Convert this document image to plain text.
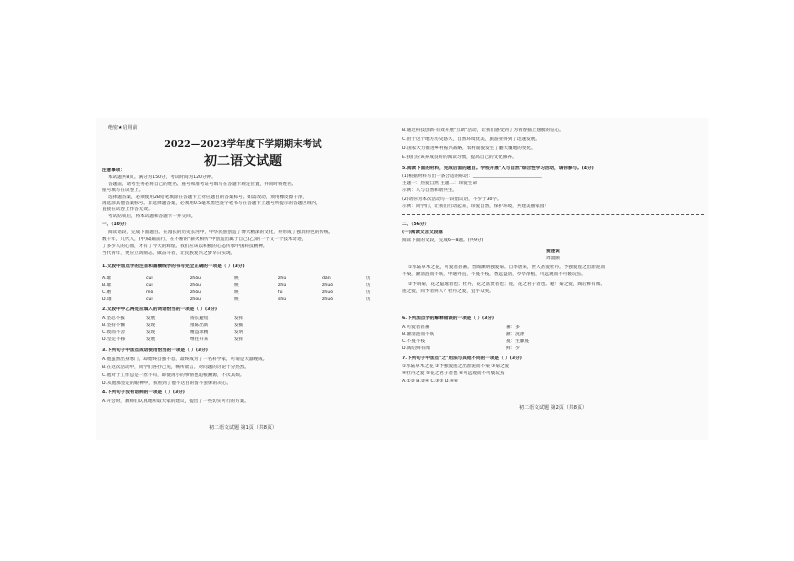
绝密★启用前
2022—2023学年度下学期期末考试
初二语文试题
注意事项：
本试题共8页。满分为150分，考试时间为120分钟。
答题前，请考生务必将自己的姓名、座号和准考证号填写在答题卡规定位置，并同时将姓名、
座号填写在试卷上。
选择题答案，必须使用2B铅笔填涂在答题卡上对应题目的答案标号。如需改动，须用橡皮擦干净，
再选涂其他答案标号。非选择题答案，必须用0.5毫米黑色签字笔书写在答题卡上题号所提示的答题区域内，
直接在试卷上作答无效。
考试结束后，将本试题和答题卡一并交回。
一、（10分）
阅读语段，完成下面题目。在漫长的历史长河中，中华民族创造了博大精深的文化，并形成了独具特色的传统。
数千年，几代人，(甲)砥砺前行，在不断的"薪火相传"中创造出属于自己(乙)的一个又一个技术奇迹，
了多少人的心血，才有了今天的辉煌。我们应该以积极的心态传承中国科技精神。
当代青年，更应立鸿鹄志，做奋斗者，让民族复兴之梦早日实现。
1.文段中加点字的注音和画横线字的书写完全正确的一项是（ ）(3分)
A.璀	cuǐ	zhòu	焕	zhú	dàn	历
B.璀	cuì	zhǒu	焕	zhú	zhuó	历
C.磨	mó	zhǒu	焕	fù	zhuó	历
D.璀	cuǐ	zhōu	焕	shú	zhuó	历
2.文段中甲乙两处应填入的词语恰当的一项是（ ）(3分)
A.坚忍不拔	发展	扬长避短	发挥
B.坚持不懈	发现	推陈出新	发掘
C.锲而不舍	发现	精益求精	发明
D.坚定不移	发展	继往开来	发挥
3.下列句子中加点成语使用恰当的一项是（ ）(3分)
A.他虽然出身寒门，却始终自强不息，最终成为了一名科学家，可谓是大器晚成。
B.在这次活动中，同学们各抒己见，畅所欲言，对问题的讨论十分热烈。
C.他对于工作总是一丝不苟，即使再小的事情也追根溯源，不厌其烦。
D.从他那坚定的眼神中，我看到了他不达目的誓不罢休的决心。
4.下列句子没有语病的一项是（ ）(3分)
A.开会时，教师们认真地听取大家的建议，提出了一些切实可行的方案。
初二语文试题 第1页（共8页）
B.通过科技创新·有效开展"互助"活动，让我们感受到了为青春插上翅膀的信心。
C.由于这个地方历史悠久，自然环境优美，旅游业得到了迅速发展。
D.国家大力推进乡村振兴战略，农村面貌发生了翻天覆地的变化。
E.我们应该养成良好的阅读习惯，提高自己的文化修养。
5.阅读下面的材料，完成后面的题目。学校开展"人与自然"综合性学习活动，请你参与。(4分)
(1)根据材料写出一条合适的标语：______________________________
主题一：热爱自然 主题二：珍爱生命
示例：人与自然和谐共生。
(2)请你为本次活动写一段倡议语，不少于30字。
示例：同学们，让我们行动起来，珍爱自然，保护环境，共建美丽家园！
二、（56分）
(一)阅读文言文段落
阅读下面的文段，完成6—8题。(共9分)
爱莲说
周敦颐
①水陆草木之花，可爱者甚蕃。晋陶渊明独爱菊。自李唐来，世人甚爱牡丹。予独爱莲之出淤泥而
不染，濯清涟而不妖，中通外直，不蔓不枝，香远益清，亭亭净植，可远观而不可亵玩焉。
②予谓菊，花之隐逸者也；牡丹，花之富贵者也；莲，花之君子者也。噫！菊之爱，陶后鲜有闻。
莲之爱，同予者何人？牡丹之爱，宜乎众矣。
6.下列加点字的解释错误的一项是（ ）(3分)
A.可爱者甚蕃	蕃：多
B.濯清涟而不妖	濯：洗涤
C.不蔓不枝	蔓：生藤蔓
D.陶后鲜有闻	鲜：少
7.下列句子中加点"之"用法与其他不同的一项是（ ）(3分)
①水陆草木之花 ②予独爱莲之出淤泥而不染 ③菊之爱
④牡丹之爱 ⑤花之君子者也 ⑥可远观而不可亵玩焉
A.①③ B.②④ C.③⑤ D.④⑥
初二语文试题 第2页（共8页）
